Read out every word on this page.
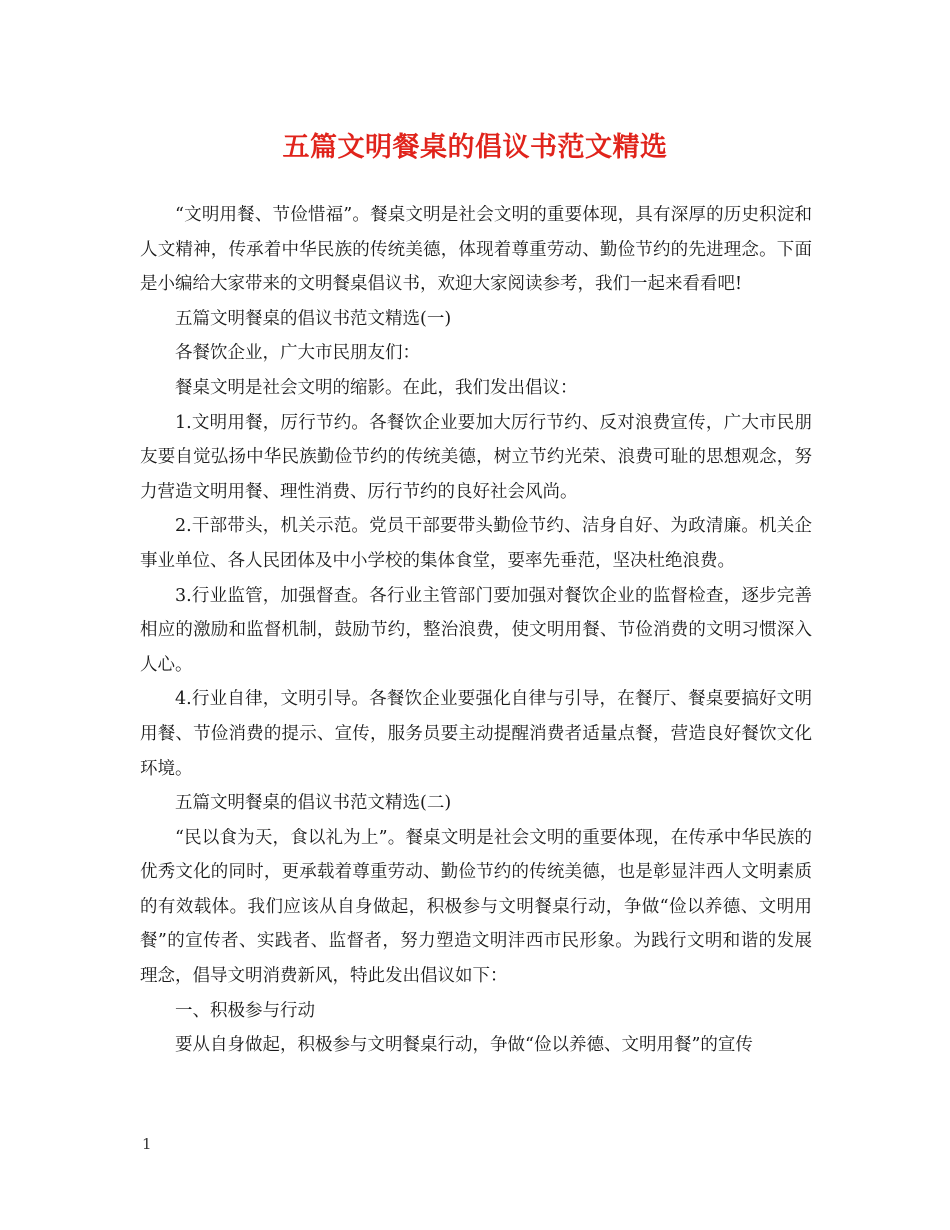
五篇文明餐桌的倡议书范文精选

“文明用餐、节俭惜福”。餐桌文明是社会文明的重要体现，具有深厚的历史积淀和人文精神，传承着中华民族的传统美德，体现着尊重劳动、勤俭节约的先进理念。下面是小编给大家带来的文明餐桌倡议书，欢迎大家阅读参考，我们一起来看看吧!

五篇文明餐桌的倡议书范文精选(一)

各餐饮企业，广大市民朋友们：

餐桌文明是社会文明的缩影。在此，我们发出倡议：

1.文明用餐，厉行节约。各餐饮企业要加大厉行节约、反对浪费宣传，广大市民朋友要自觉弘扬中华民族勤俭节约的传统美德，树立节约光荣、浪费可耻的思想观念，努力营造文明用餐、理性消费、厉行节约的良好社会风尚。

2.干部带头，机关示范。党员干部要带头勤俭节约、洁身自好、为政清廉。机关企事业单位、各人民团体及中小学校的集体食堂，要率先垂范，坚决杜绝浪费。

3.行业监管，加强督查。各行业主管部门要加强对餐饮企业的监督检查，逐步完善相应的激励和监督机制，鼓励节约，整治浪费，使文明用餐、节俭消费的文明习惯深入人心。

4.行业自律，文明引导。各餐饮企业要强化自律与引导，在餐厅、餐桌要搞好文明用餐、节俭消费的提示、宣传，服务员要主动提醒消费者适量点餐，营造良好餐饮文化环境。

五篇文明餐桌的倡议书范文精选(二)

“民以食为天，食以礼为上”。餐桌文明是社会文明的重要体现，在传承中华民族的优秀文化的同时，更承载着尊重劳动、勤俭节约的传统美德，也是彰显沣西人文明素质的有效载体。我们应该从自身做起，积极参与文明餐桌行动，争做“俭以养德、文明用餐”的宣传者、实践者、监督者，努力塑造文明沣西市民形象。为践行文明和谐的发展理念，倡导文明消费新风，特此发出倡议如下：

一、积极参与行动

要从自身做起，积极参与文明餐桌行动，争做“俭以养德、文明用餐”的宣传

1
